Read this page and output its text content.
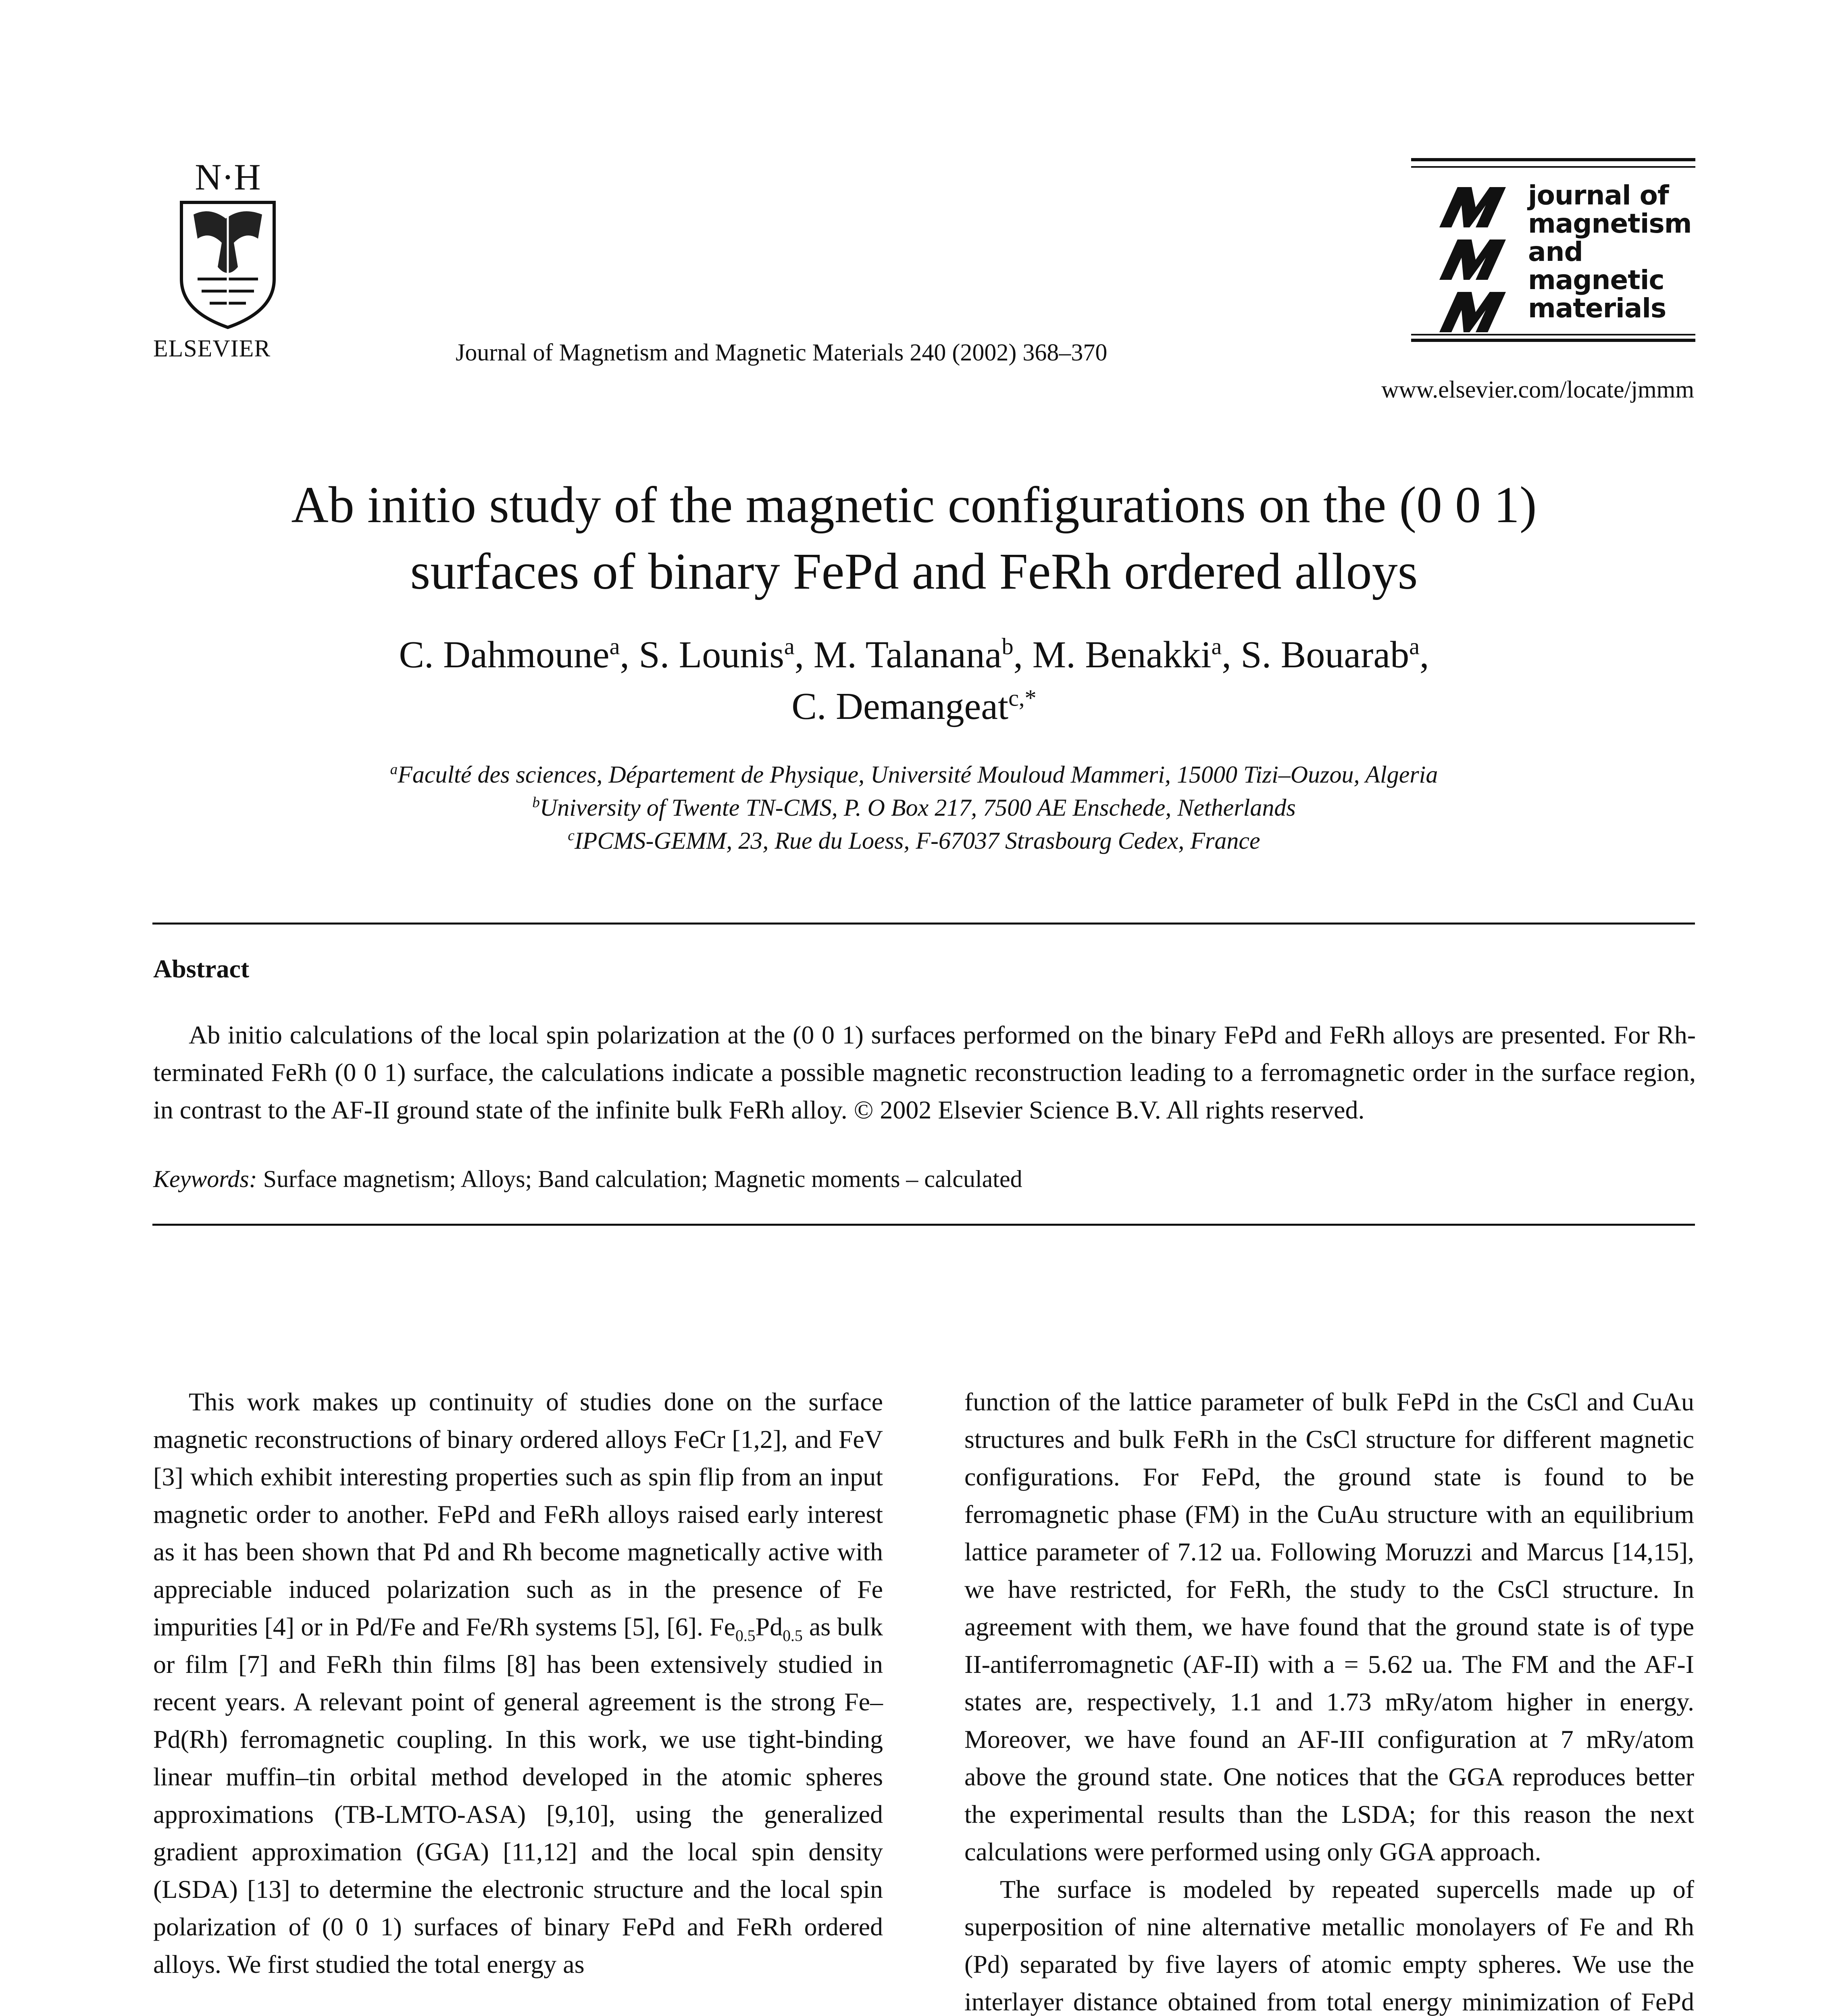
N·H
ELSEVIER	Journal of Magnetism and Magnetic Materials 240 (2002) 368–370
journal of
magnetism
and
magnetic
materials
www.elsevier.com/locate/jmmm
Ab initio study of the magnetic configurations on the (0 0 1)
surfaces of binary FePd and FeRh ordered alloys
C. Dahmoune$^a$, S. Lounis$^a$, M. Talanana$^b$, M. Benakki$^a$, S. Bouarab$^a$,
C. Demangeat$^{c,*}$
$^a$Faculté des sciences, Département de Physique, Université Mouloud Mammeri, 15000 Tizi–Ouzou, Algeria
$^b$University of Twente TN-CMS, P. O Box 217, 7500 AE Enschede, Netherlands
$^c$IPCMS-GEMM, 23, Rue du Loess, F-67037 Strasbourg Cedex, France
Abstract
Ab initio calculations of the local spin polarization at the (0 0 1) surfaces performed on the binary FePd and FeRh alloys are presented. For Rh-terminated FeRh (0 0 1) surface, the calculations indicate a possible magnetic reconstruction leading to a ferromagnetic order in the surface region, in contrast to the AF-II ground state of the infinite bulk FeRh alloy. © 2002 Elsevier Science B.V. All rights reserved.
Keywords: Surface magnetism; Alloys; Band calculation; Magnetic moments – calculated

This work makes up continuity of studies done on the surface magnetic reconstructions of binary ordered alloys FeCr [1,2], and FeV [3] which exhibit interesting properties such as spin flip from an input magnetic order to another. FePd and FeRh alloys raised early interest as it has been shown that Pd and Rh become magnetically active with appreciable induced polarization such as in the presence of Fe impurities [4] or in Pd/Fe and Fe/Rh systems [5], [6]. $Fe_{0.5}Pd_{0.5}$ as bulk or film [7] and FeRh thin films [8] has been extensively studied in recent years. A relevant point of general agreement is the strong Fe–Pd(Rh) ferromagnetic coupling. In this work, we use tight-binding linear muffin–tin orbital method developed in the atomic spheres approximations (TB-LMTO-ASA) [9,10], using the generalized gradient approximation (GGA) [11,12] and the local spin density (LSDA) [13] to determine the electronic structure and the local spin polarization of (0 0 1) surfaces of binary FePd and FeRh ordered alloys. We first studied the total energy as

function of the lattice parameter of bulk FePd in the CsCl and CuAu structures and bulk FeRh in the CsCl structure for different magnetic configurations. For FePd, the ground state is found to be ferromagnetic phase (FM) in the CuAu structure with an equilibrium lattice parameter of 7.12 ua. Following Moruzzi and Marcus [14,15], we have restricted, for FeRh, the study to the CsCl structure. In agreement with them, we have found that the ground state is of type II-antiferromagnetic (AF-II) with a = 5.62 ua. The FM and the AF-I states are, respectively, 1.1 and 1.73 mRy/atom higher in energy. Moreover, we have found an AF-III configuration at 7 mRy/atom above the ground state. One notices that the GGA reproduces better the experimental results than the LSDA; for this reason the next calculations were performed using only GGA approach.

The surface is modeled by repeated supercells made up of superposition of nine alternative metallic monolayers of Fe and Rh (Pd) separated by five layers of atomic empty spheres. We use the interlayer distance obtained from total energy minimization of FePd
